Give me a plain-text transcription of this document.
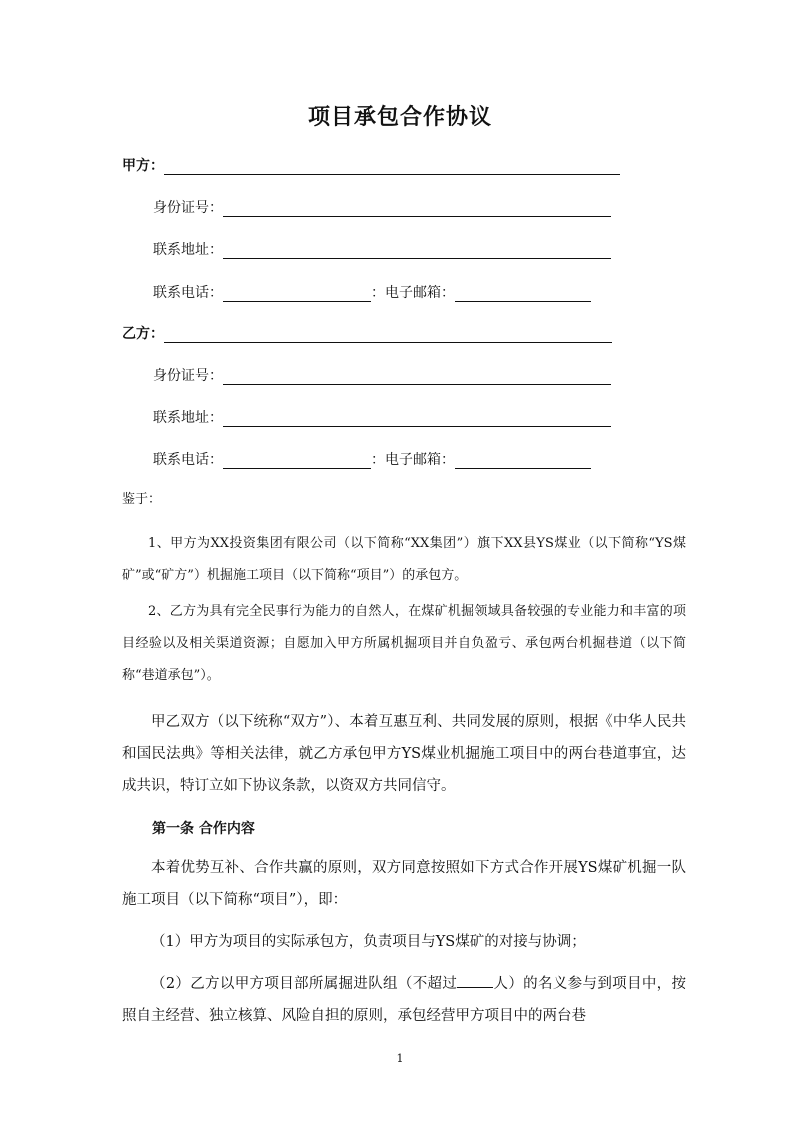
项目承包合作协议
甲方：
身份证号：
联系地址：
联系电话：	：电子邮箱：
乙方：
身份证号：
联系地址：
联系电话：	：电子邮箱：
鉴于：

1、甲方为XX投资集团有限公司（以下简称“XX集团”）旗下XX县YS煤业（以下简称“YS煤矿”或“矿方”）机掘施工项目（以下简称“项目”）的承包方。

2、乙方为具有完全民事行为能力的自然人，在煤矿机掘领域具备较强的专业能力和丰富的项目经验以及相关渠道资源；自愿加入甲方所属机掘项目并自负盈亏、承包两台机掘巷道（以下简称“巷道承包”）。

甲乙双方（以下统称“双方”）、本着互惠互利、共同发展的原则，根据《中华人民共和国民法典》等相关法律，就乙方承包甲方YS煤业机掘施工项目中的两台巷道事宜，达成共识，特订立如下协议条款，以资双方共同信守。

第一条 合作内容

本着优势互补、合作共赢的原则，双方同意按照如下方式合作开展YS煤矿机掘一队施工项目（以下简称“项目”），即：

（1）甲方为项目的实际承包方，负责项目与YS煤矿的对接与协调；

（2）乙方以甲方项目部所属掘进队组（不超过 人）的名义参与到项目中，按照自主经营、独立核算、风险自担的原则，承包经营甲方项目中的两台巷

1
